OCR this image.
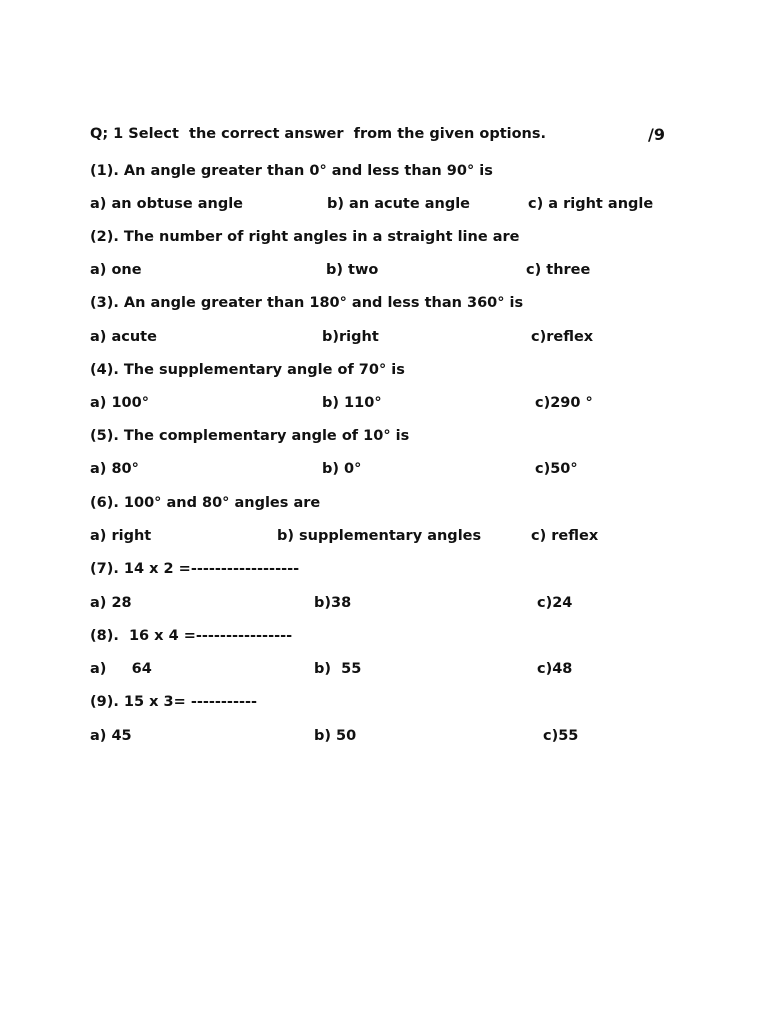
Q; 1 Select  the correct answer  from the given options.	/9
(1). An angle greater than 0° and less than 90° is
a) an obtuse angle	b) an acute angle	c) a right angle
(2). The number of right angles in a straight line are
a) one	b) two	c) three
(3). An angle greater than 180° and less than 360° is
a) acute	b)right	c)reflex
(4). The supplementary angle of 70° is
a) 100°	b) 110°	c)290 °
(5). The complementary angle of 10° is
a) 80°	b) 0°	c)50°
(6). 100° and 80° angles are
a) right	b) supplementary angles	c) reflex
(7). 14 x 2 =------------------
a) 28	b)38	c)24
(8).  16 x 4 =----------------
a)     64	b)  55	c)48
(9). 15 x 3= -----------
a) 45	b) 50	c)55
